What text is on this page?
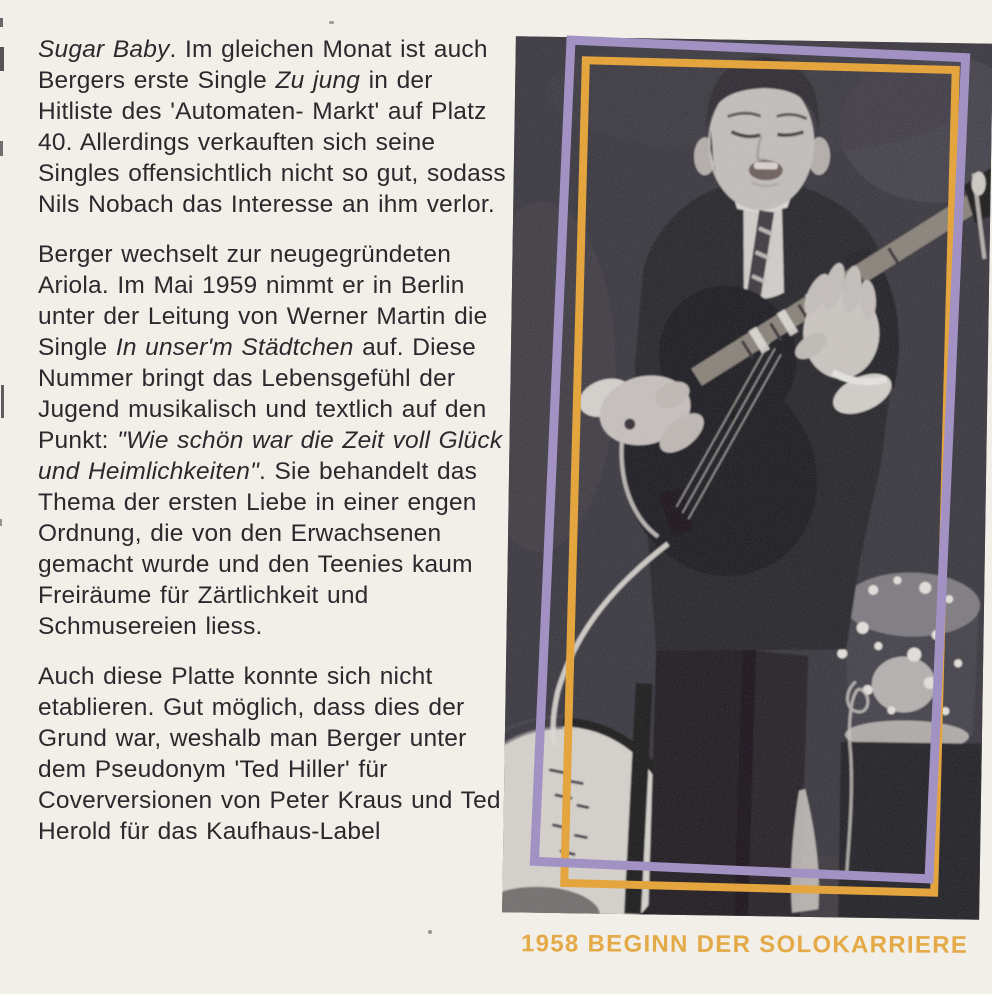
Sugar Baby. Im gleichen Monat ist auch Bergers erste Single Zu jung in der Hitliste des 'Automaten- Markt' auf Platz 40. Allerdings verkauften sich seine Singles offensichtlich nicht so gut, sodass Nils Nobach das Interesse an ihm verlor.

Berger wechselt zur neugegründeten Ariola. Im Mai 1959 nimmt er in Berlin unter der Leitung von Werner Martin die Single In unser'm Städtchen auf. Diese Nummer bringt das Lebensgefühl der Jugend musikalisch und textlich auf den Punkt: "Wie schön war die Zeit voll Glück und Heimlichkeiten". Sie behandelt das Thema der ersten Liebe in einer engen Ordnung, die von den Erwachsenen gemacht wurde und den Teenies kaum Freiräume für Zärtlichkeit und Schmusereien liess.

Auch diese Platte konnte sich nicht etablieren. Gut möglich, dass dies der Grund war, weshalb man Berger unter dem Pseudonym 'Ted Hiller' für Coverversionen von Peter Kraus und Ted Herold für das Kaufhaus-Label

1958 BEGINN DER SOLOKARRIERE
